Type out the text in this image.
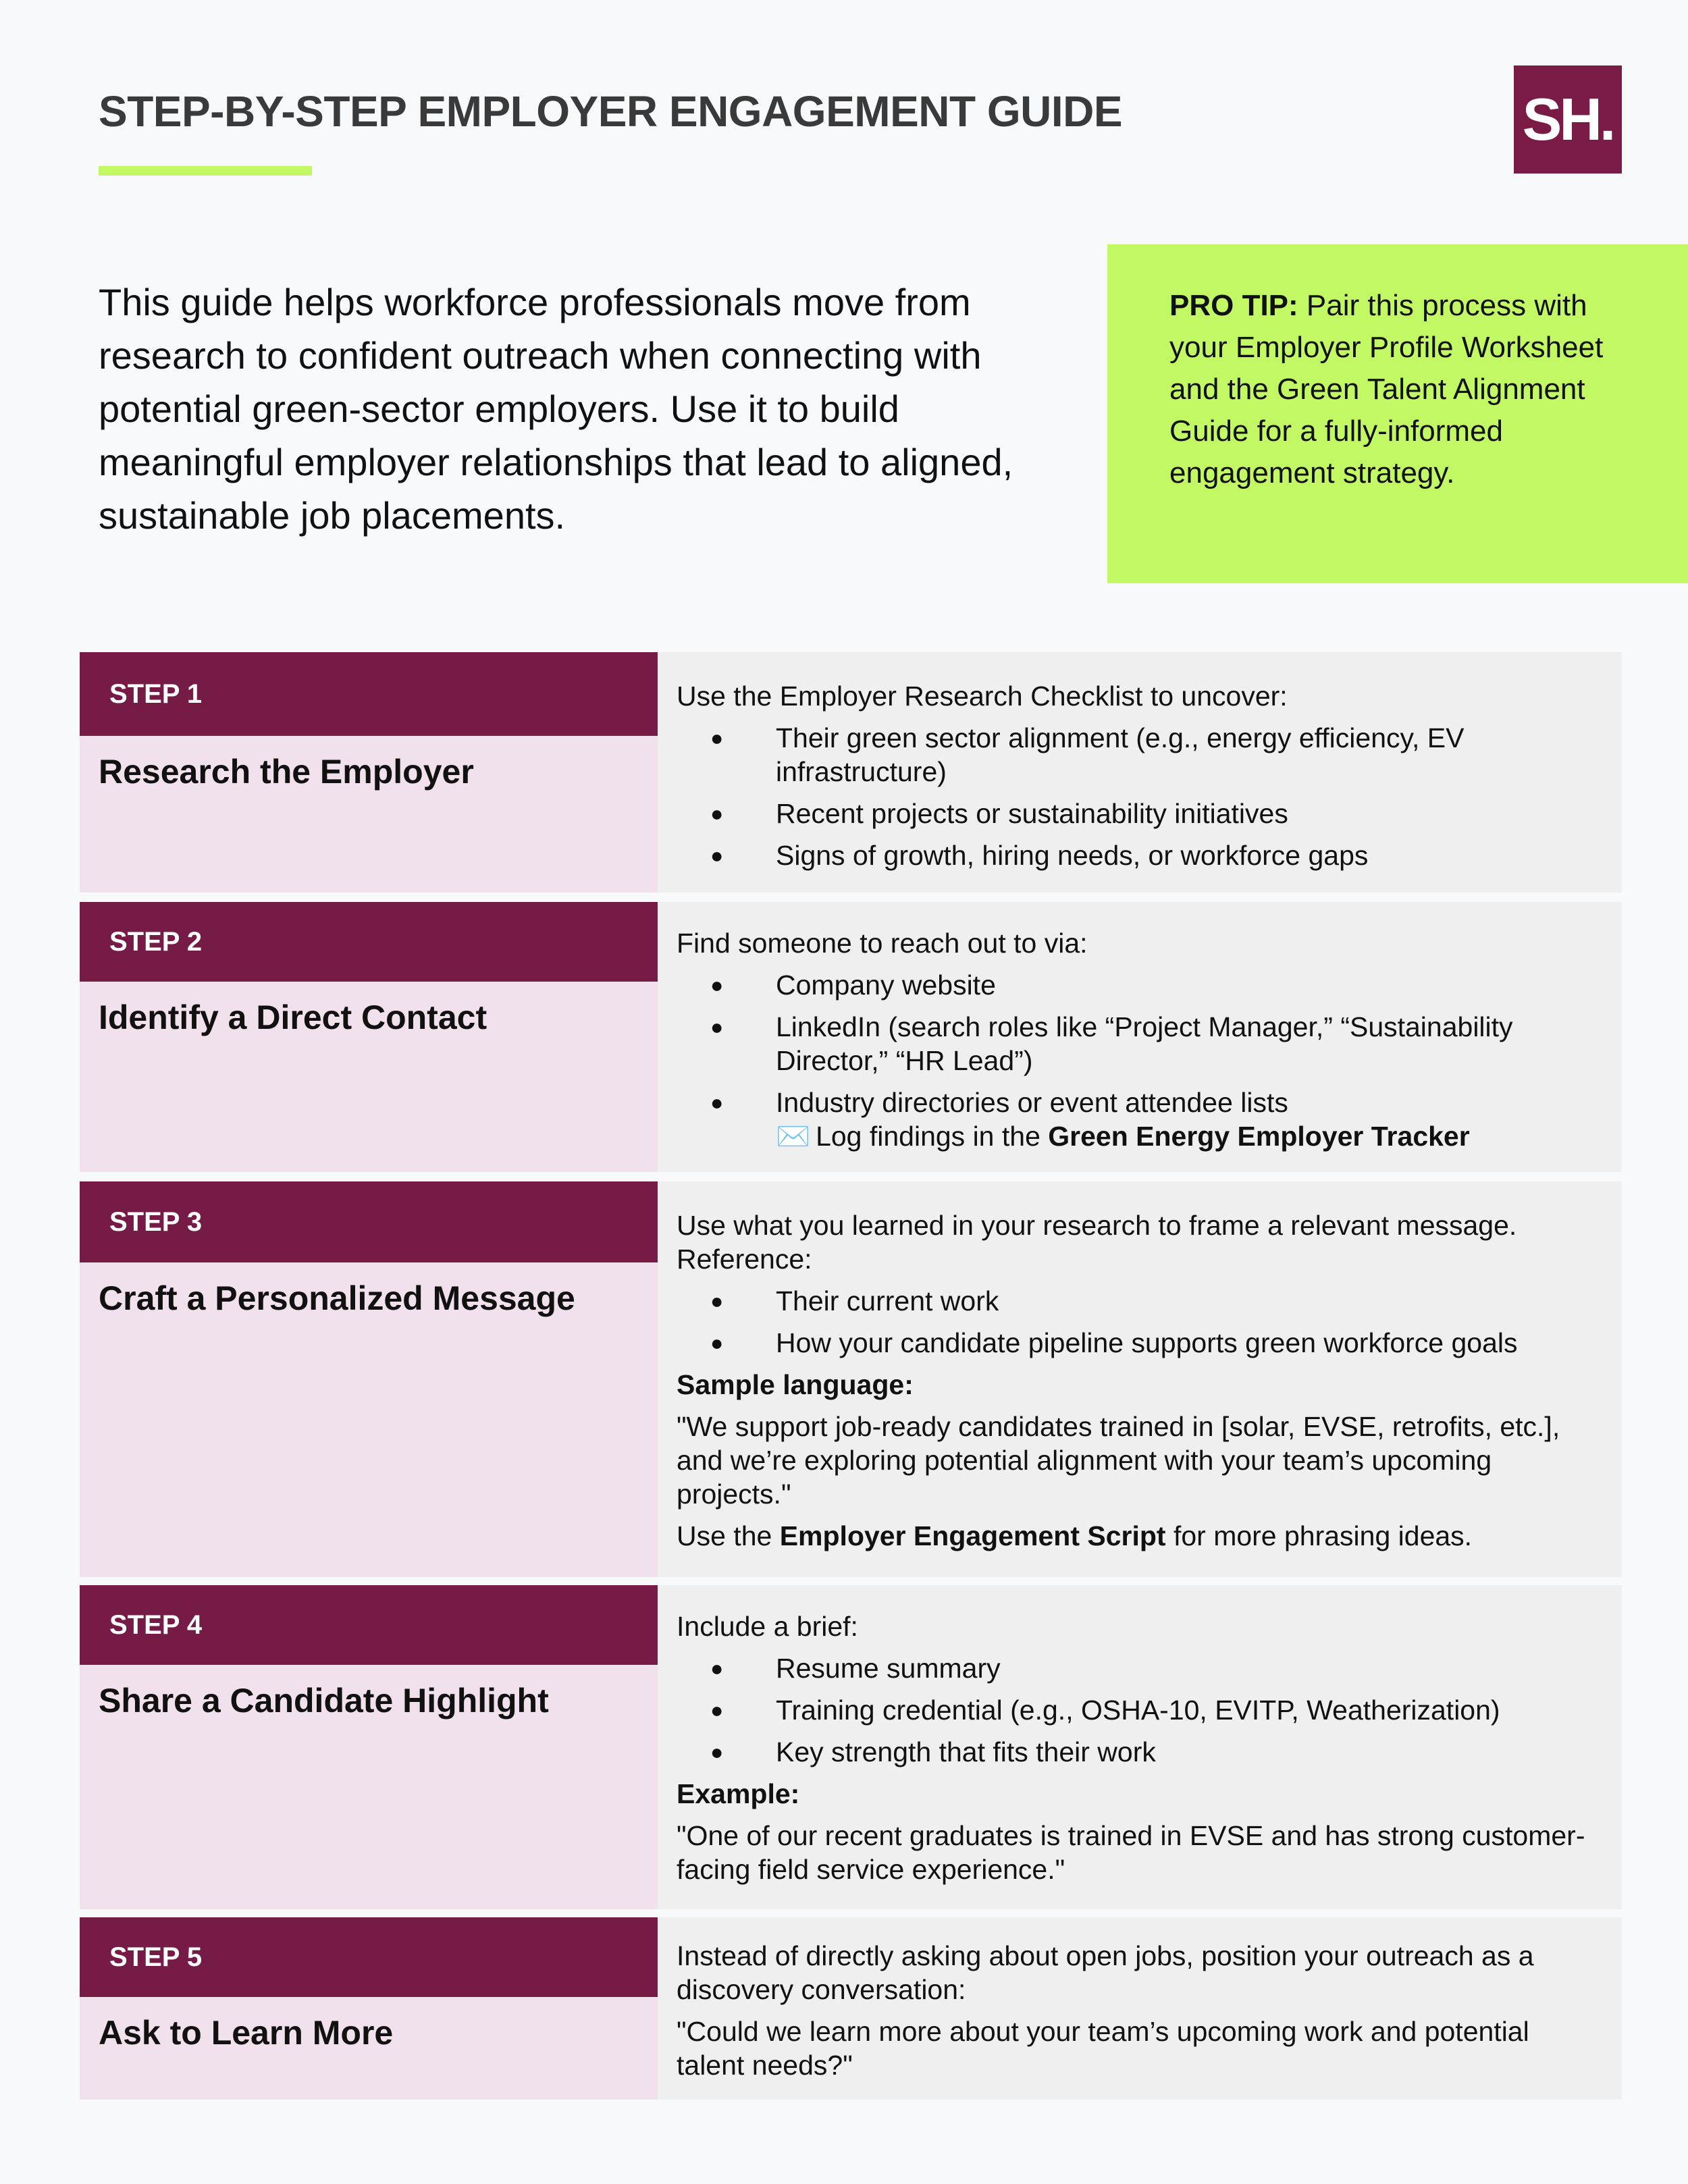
STEP-BY-STEP EMPLOYER ENGAGEMENT GUIDE	SH.

This guide helps workforce professionals move from research to confident outreach when connecting with potential green-sector employers. Use it to build meaningful employer relationships that lead to aligned, sustainable job placements.

PRO TIP: Pair this process with your Employer Profile Worksheet and the Green Talent Alignment Guide for a fully-informed engagement strategy.
STEP 1
Research the Employer

Use the Employer Research Checklist to uncover:

● Their green sector alignment (e.g., energy efficiency, EV infrastructure)
● Recent projects or sustainability initiatives
● Signs of growth, hiring needs, or workforce gaps
STEP 2
Identify a Direct Contact

Find someone to reach out to via:

● Company website
● LinkedIn (search roles like “Project Manager,” “Sustainability Director,” “HR Lead”)
● Industry directories or event attendee lists
✉️ Log findings in the Green Energy Employer Tracker
STEP 3
Craft a Personalized Message

Use what you learned in your research to frame a relevant message. Reference:

● Their current work
● How your candidate pipeline supports green workforce goals

Sample language:

"We support job-ready candidates trained in [solar, EVSE, retrofits, etc.], and we’re exploring potential alignment with your team’s upcoming projects."

Use the Employer Engagement Script for more phrasing ideas.

STEP 4
Share a Candidate Highlight

Include a brief:

● Resume summary
● Training credential (e.g., OSHA-10, EVITP, Weatherization)
● Key strength that fits their work

Example:

"One of our recent graduates is trained in EVSE and has strong customer-facing field service experience."

STEP 5
Ask to Learn More

Instead of directly asking about open jobs, position your outreach as a discovery conversation:

"Could we learn more about your team’s upcoming work and potential talent needs?"
